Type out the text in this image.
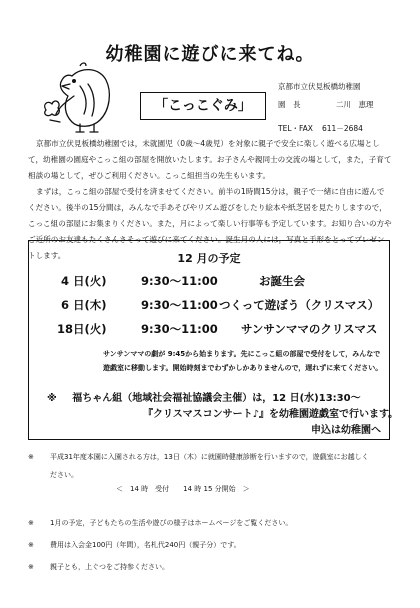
幼稚園に遊びに来てね。
「こっこぐみ」
京都市立伏見板橋幼稚園
園　長	二川　恵理
TEL・FAX 611－2684

京都市立伏見板橋幼稚園では，未就園児（0歳～4歳児）を対象に親子で安全に楽しく遊べる広場として，幼稚園の園庭やこっこ組の部屋を開放いたします。お子さんや親同士の交流の場として，また，子育て相談の場として，ぜひご利用ください。こっこ組担当の先生もいます。

まずは，こっこ組の部屋で受付を済ませてください。前半の1時間15分は，親子で一緒に自由に遊んでください。後半の15分間は，みんなで手あそびやリズム遊びをしたり絵本や紙芝居を見たりしますので，こっこ組の部屋にお集まりください。また，月によって楽しい行事等も予定しています。お知り合いの方やご近所のお友達もたくさんさそって遊びに来てください。誕生月の人には，写真と手形をとってプレゼントします。	12 月の予定
4 日(火)	9:30～11:00	お誕生会
6 日(木)	9:30～11:00 つくって遊ぼう（クリスマス）
18日(火)	9:30～11:00 サンサンママのクリスマス
サンサンママの劇が 9:45から始まります。先にこっこ組の部屋で受付をして，みんなで遊戯室に移動します。開始時刻までわずかしかありませんので，遅れずに来てください。
※ 福ちゃん組（地域社会福祉協議会主催）は，12 日(水)13:30～
『クリスマスコンサート♪』を幼稚園遊戯室で行います。
申込は幼稚園へ
※	平成31年度本園に入園される方は，13日（木）に就園時健康診断を行いますので，遊戯室にお越しく
ださい。
＜　14 時　受付　　14 時 15 分開始　＞
※	1月の予定，子どもたちの生活や遊びの様子はホームページをご覧ください。
※	費用は入会金100円（年間），名札代240円（親子分）です。
※	親子とも，上ぐつをご持参ください。
